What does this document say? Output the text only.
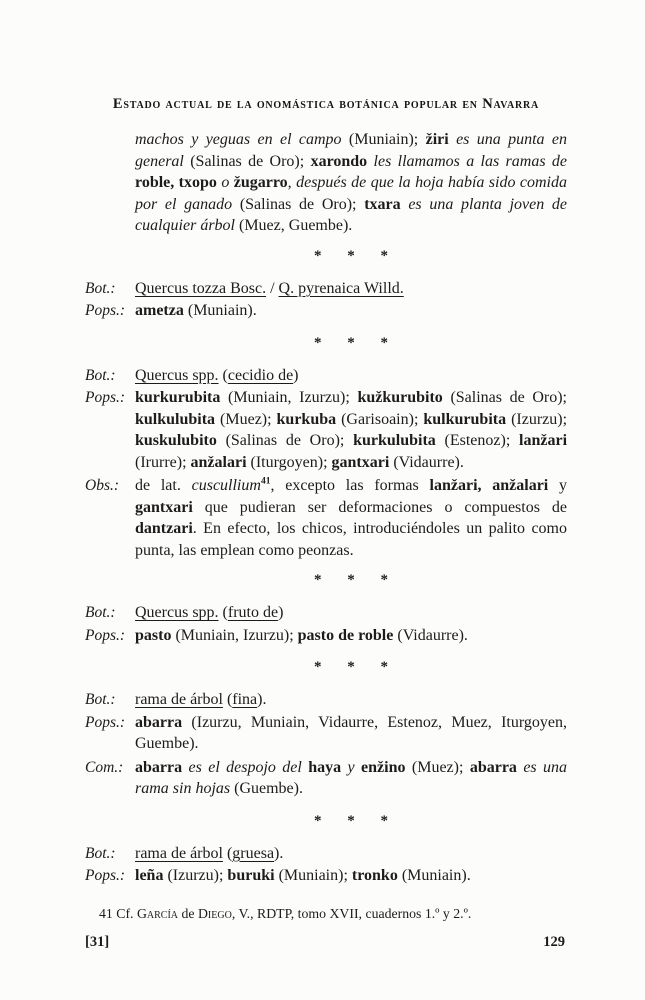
Estado actual de la onomástica botánica popular en Navarra

machos y yeguas en el campo (Muniain); žiri es una punta en general (Salinas de Oro); xarondo les llamamos a las ramas de roble, txopo o žugarro, después de que la hoja había sido comida por el ganado (Salinas de Oro); txara es una planta joven de cualquier árbol (Muez, Guembe).

* * *
Bot.:	Quercus tozza Bosc. / Q. pyrenaica Willd.
Pops.: ametza (Muniain).
* * *
Bot.:	Quercus spp. (cecidio de)
Pops.: kurkurubita (Muniain, Izurzu); kužkurubito (Salinas de Oro); kulkulubita (Muez); kurkuba (Garisoain); kulkurubita (Izurzu); kuskulubito (Salinas de Oro); kurkulubita (Estenoz); lanžari (Irurre); anžalari (Iturgoyen); gantxari (Vidaurre).
Obs.: de lat. cuscullium$^{41}$, excepto las formas lanžari, anžalari y gantxari que pudieran ser deformaciones o compuestos de dantzari. En efecto, los chicos, introduciéndoles un palito como punta, las emplean como peonzas.
* * *
Bot.:	Quercus spp. (fruto de)
Pops.: pasto (Muniain, Izurzu); pasto de roble (Vidaurre).
* * *
Bot.:	rama de árbol (fina).
Pops.: abarra (Izurzu, Muniain, Vidaurre, Estenoz, Muez, Iturgoyen, Guembe).
Com.: abarra es el despojo del haya y enžino (Muez); abarra es una rama sin hojas (Guembe).
* * *
Bot.:	rama de árbol (gruesa).
Pops.: leña (Izurzu); buruki (Muniain); tronko (Muniain).
41 Cf. García de Diego, V., RDTP, tomo XVII, cuadernos 1.º y 2.º.
[31]	129
